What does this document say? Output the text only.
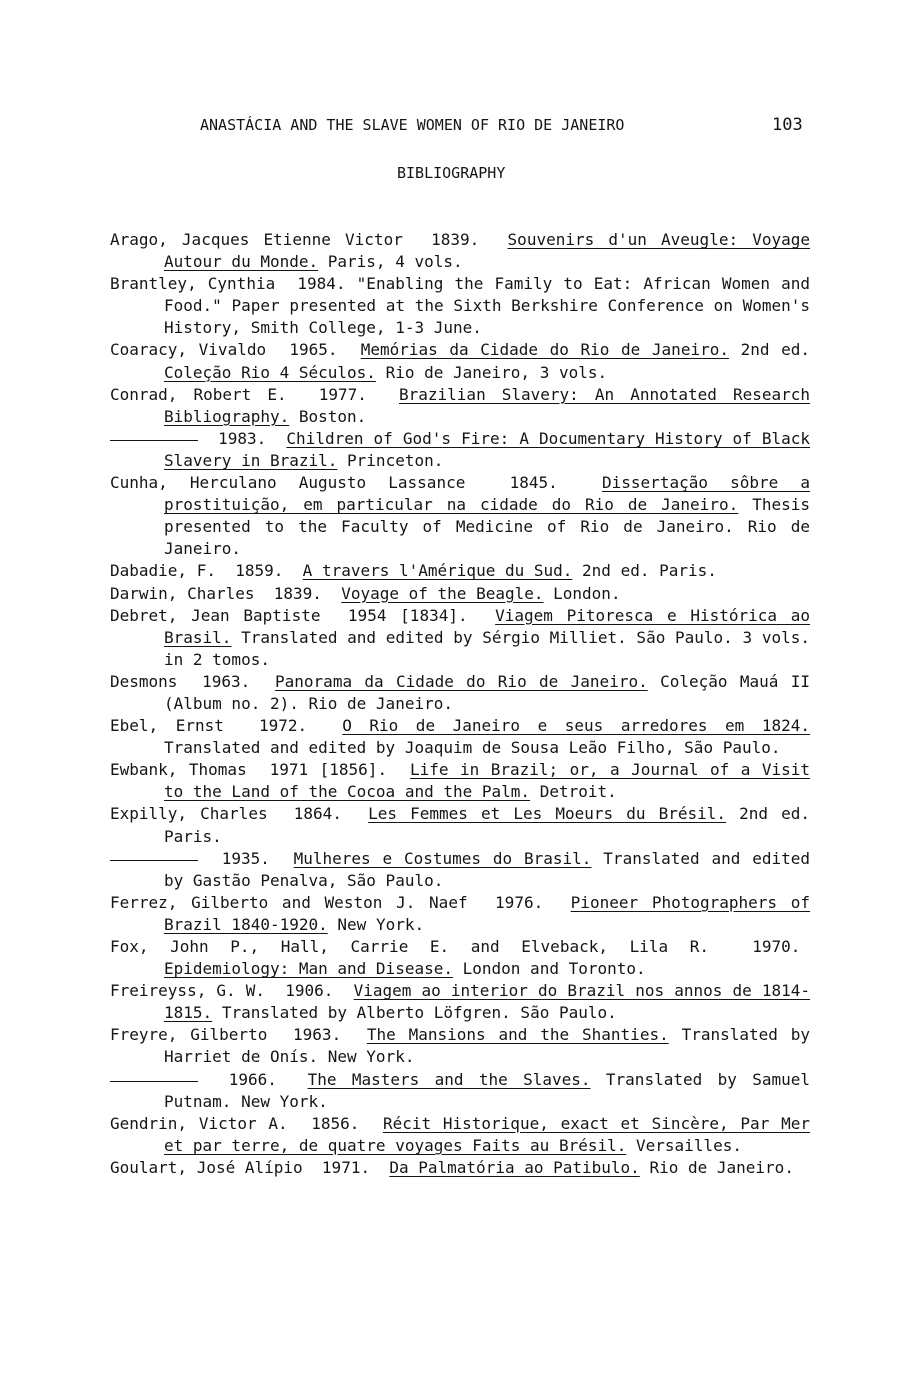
ANASTÁCIA AND THE SLAVE WOMEN OF RIO DE JANEIRO	103
BIBLIOGRAPHY
Arago, Jacques Etienne Victor 1839. Souvenirs d'un Aveugle: Voyage Autour du Monde. Paris, 4 vols.
Brantley, Cynthia 1984. "Enabling the Family to Eat: African Women and Food." Paper presented at the Sixth Berkshire Conference on Women's History, Smith College, 1-3 June.
Coaracy, Vivaldo 1965. Memórias da Cidade do Rio de Janeiro. 2nd ed. Coleção Rio 4 Séculos. Rio de Janeiro, 3 vols.
Conrad, Robert E. 1977. Brazilian Slavery: An Annotated Research Bibliography. Boston.
1983. Children of God's Fire: A Documentary History of Black Slavery in Brazil. Princeton.
Cunha, Herculano Augusto Lassance	1845.	Dissertação sôbre a prostituição, em particular na cidade do Rio de Janeiro. Thesis presented to the Faculty of Medicine of Rio de Janeiro. Rio de Janeiro.
Dabadie, F. 1859. A travers l'Amérique du Sud. 2nd ed. Paris.
Darwin, Charles 1839. Voyage of the Beagle. London.
Debret, Jean Baptiste 1954 [1834]. Viagem Pitoresca e Histórica ao Brasil. Translated and edited by Sérgio Milliet. São Paulo. 3 vols. in 2 tomos.
Desmons 1963. Panorama da Cidade do Rio de Janeiro. Coleção Mauá II (Album no. 2). Rio de Janeiro.
Ebel, Ernst 1972. O Rio de Janeiro e seus arredores em 1824. Translated and edited by Joaquim de Sousa Leão Filho, São Paulo.
Ewbank, Thomas 1971 [1856]. Life in Brazil; or, a Journal of a Visit to the Land of the Cocoa and the Palm. Detroit.
Expilly, Charles 1864. Les Femmes et Les Moeurs du Brésil. 2nd ed. Paris.
1935. Mulheres e Costumes do Brasil. Translated and edited by Gastão Penalva, São Paulo.
Ferrez, Gilberto and Weston J. Naef 1976. Pioneer Photographers of Brazil 1840-1920. New York.
Fox, John P., Hall, Carrie E. and Elveback, Lila R.	1970.  Epidemiology: Man and Disease. London and Toronto.
Freireyss, G. W. 1906. Viagem ao interior do Brazil nos annos de 1814-1815. Translated by Alberto Löfgren. São Paulo.
Freyre, Gilberto 1963. The Mansions and the Shanties. Translated by Harriet de Onís. New York.
1966. The Masters and the Slaves. Translated by Samuel Putnam. New York.
Gendrin, Victor A. 1856. Récit Historique, exact et Sincère, Par Mer et par terre, de quatre voyages Faits au Brésil. Versailles.
Goulart, José Alípio 1971. Da Palmatória ao Patibulo. Rio de Janeiro.
